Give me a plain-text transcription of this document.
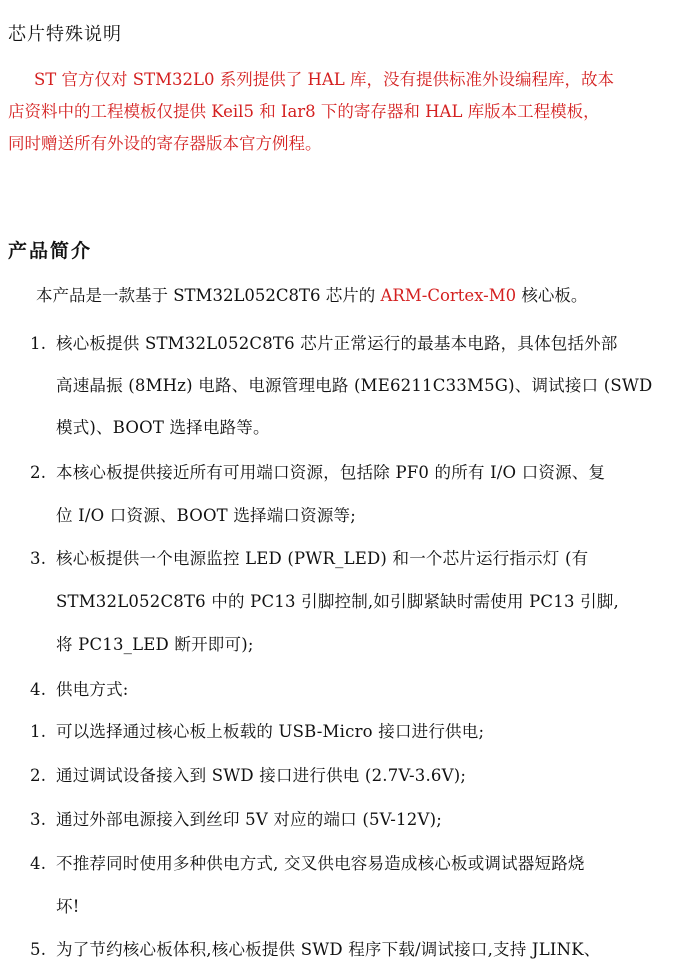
芯片特殊说明
ST 官方仅对 STM32L0 系列提供了 HAL 库，没有提供标准外设编程库，故本
店资料中的工程模板仅提供 Keil5 和 Iar8 下的寄存器和 HAL 库版本工程模板，
同时赠送所有外设的寄存器版本官方例程。
产品简介
本产品是一款基于 STM32L052C8T6 芯片的 ARM-Cortex-M0 核心板。
1. 核心板提供 STM32L052C8T6 芯片正常运行的最基本电路，具体包括外部
高速晶振 (8MHz) 电路、电源管理电路 (ME6211C33M5G)、调试接口 (SWD
模式)、BOOT 选择电路等。
2. 本核心板提供接近所有可用端口资源，包括除 PF0 的所有 I/O 口资源、复
位 I/O 口资源、BOOT 选择端口资源等;
3. 核心板提供一个电源监控 LED (PWR_LED) 和一个芯片运行指示灯 (有
STM32L052C8T6 中的 PC13 引脚控制,如引脚紧缺时需使用 PC13 引脚,
将 PC13_LED 断开即可);
4. 供电方式:
1. 可以选择通过核心板上板载的 USB-Micro 接口进行供电;
2. 通过调试设备接入到 SWD 接口进行供电 (2.7V-3.6V);
3. 通过外部电源接入到丝印 5V 对应的端口 (5V-12V);
4. 不推荐同时使用多种供电方式, 交叉供电容易造成核心板或调试器短路烧
坏!
5. 为了节约核心板体积,核心板提供 SWD 程序下载/调试接口,支持 JLINK、
